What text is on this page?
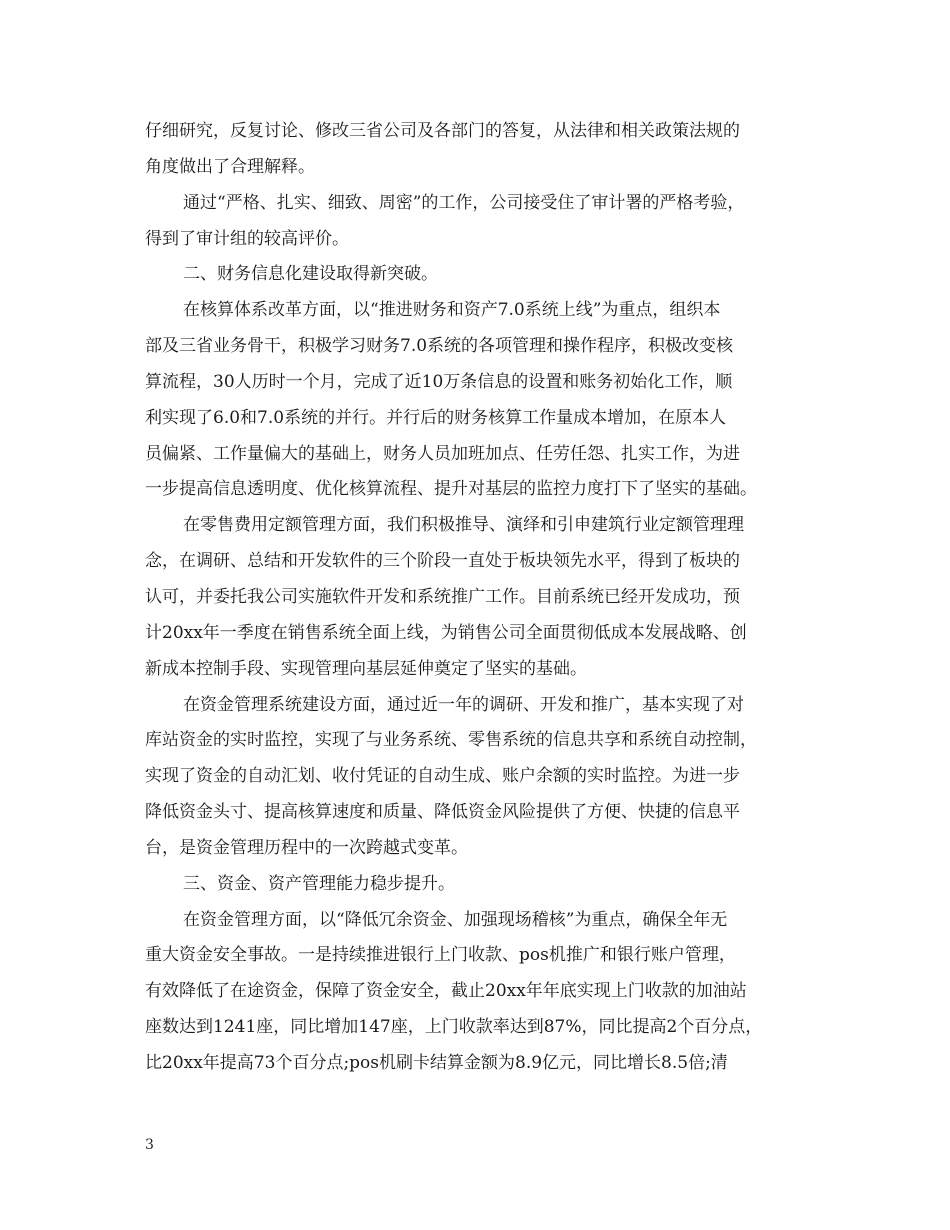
仔细研究，反复讨论、修改三省公司及各部门的答复，从法律和相关政策法规的
角度做出了合理解释。
通过“严格、扎实、细致、周密”的工作，公司接受住了审计署的严格考验，
得到了审计组的较高评价。
二、财务信息化建设取得新突破。
在核算体系改革方面，以“推进财务和资产7.0系统上线”为重点，组织本
部及三省业务骨干，积极学习财务7.0系统的各项管理和操作程序，积极改变核
算流程，30人历时一个月，完成了近10万条信息的设置和账务初始化工作，顺
利实现了6.0和7.0系统的并行。并行后的财务核算工作量成本增加，在原本人
员偏紧、工作量偏大的基础上，财务人员加班加点、任劳任怨、扎实工作，为进
一步提高信息透明度、优化核算流程、提升对基层的监控力度打下了坚实的基础。
在零售费用定额管理方面，我们积极推导、演绎和引申建筑行业定额管理理
念，在调研、总结和开发软件的三个阶段一直处于板块领先水平，得到了板块的
认可，并委托我公司实施软件开发和系统推广工作。目前系统已经开发成功，预
计20xx年一季度在销售系统全面上线，为销售公司全面贯彻低成本发展战略、创
新成本控制手段、实现管理向基层延伸奠定了坚实的基础。
在资金管理系统建设方面，通过近一年的调研、开发和推广，基本实现了对
库站资金的实时监控，实现了与业务系统、零售系统的信息共享和系统自动控制，
实现了资金的自动汇划、收付凭证的自动生成、账户余额的实时监控。为进一步
降低资金头寸、提高核算速度和质量、降低资金风险提供了方便、快捷的信息平
台，是资金管理历程中的一次跨越式变革。
三、资金、资产管理能力稳步提升。
在资金管理方面，以“降低冗余资金、加强现场稽核”为重点，确保全年无
重大资金安全事故。一是持续推进银行上门收款、pos机推广和银行账户管理，
有效降低了在途资金，保障了资金安全，截止20xx年年底实现上门收款的加油站
座数达到1241座，同比增加147座，上门收款率达到87%，同比提高2个百分点，
比20xx年提高73个百分点;pos机刷卡结算金额为8.9亿元，同比增长8.5倍;清
3
